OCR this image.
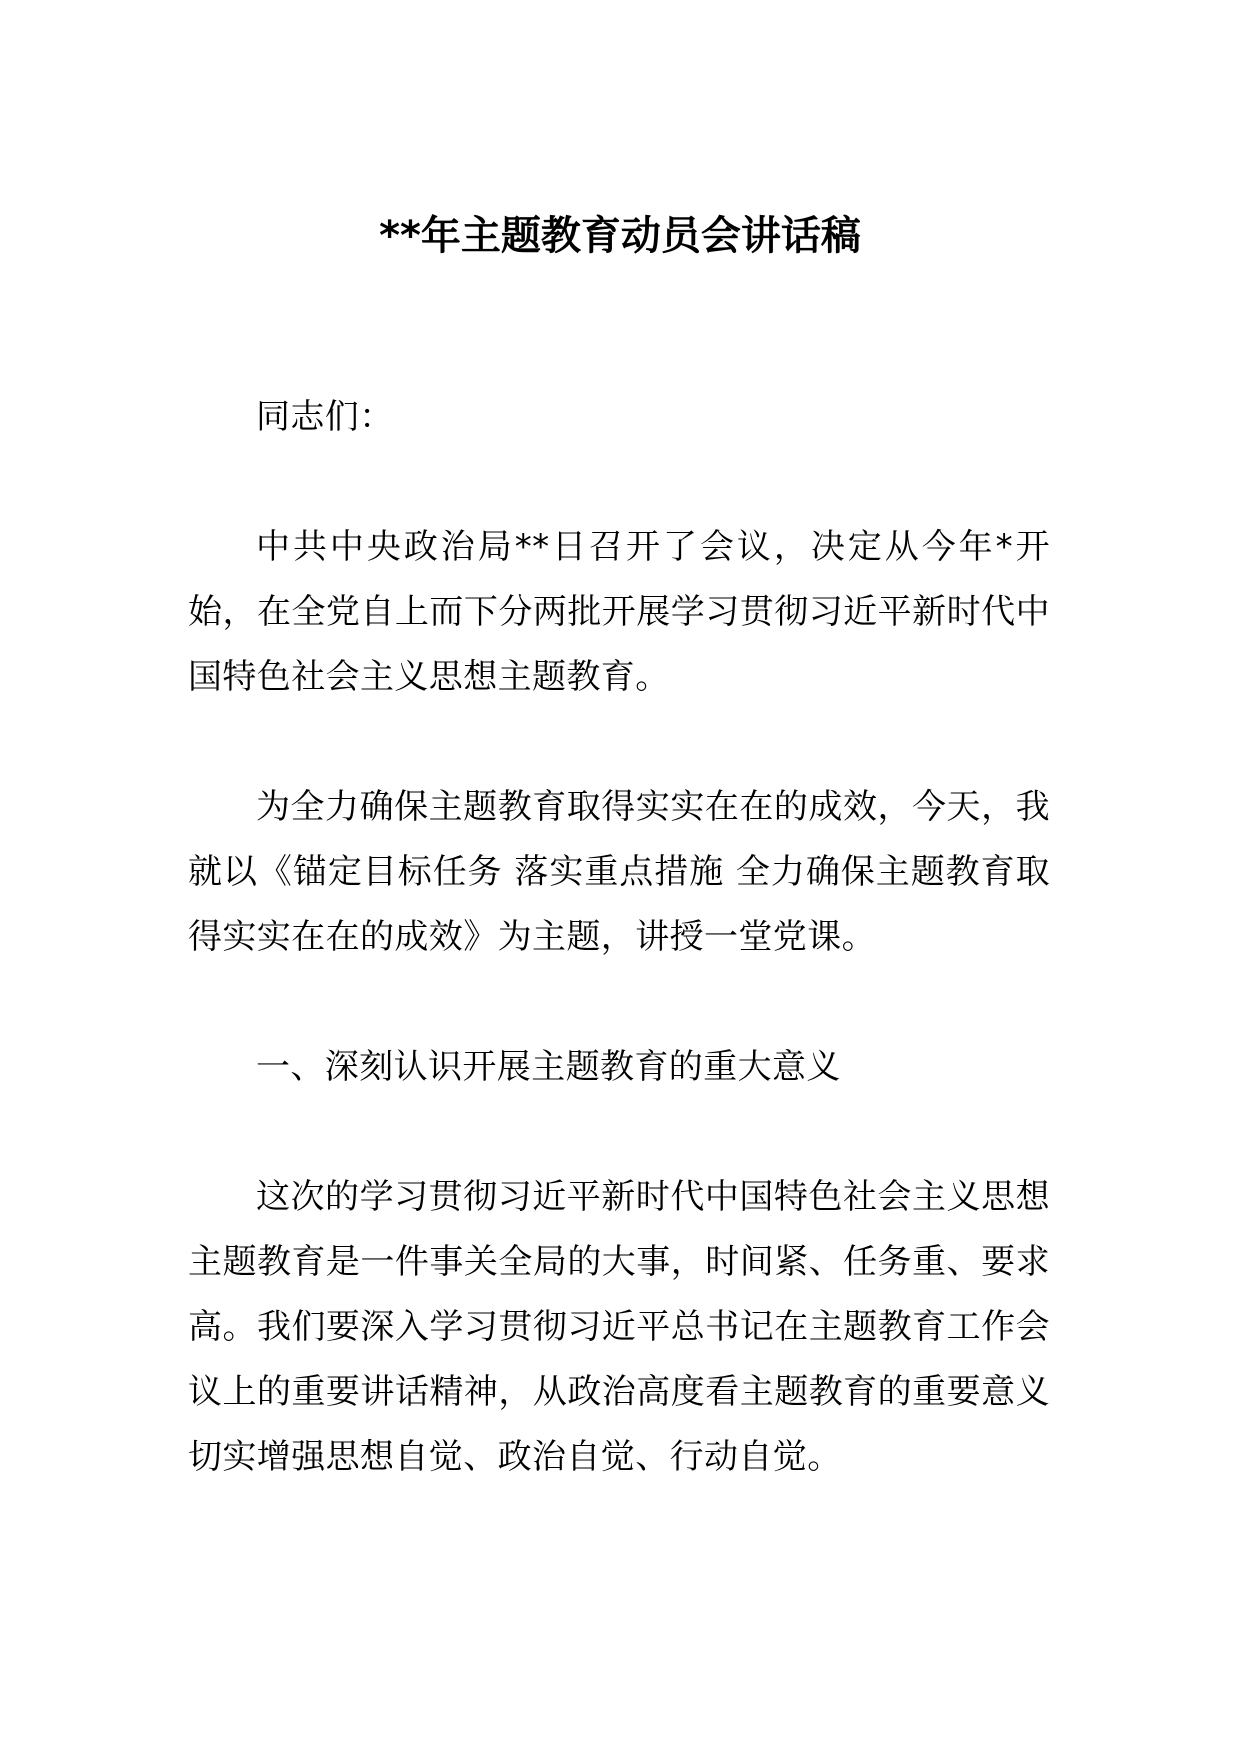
**年主题教育动员会讲话稿

同志们：

中共中央政治局**日召开了会议，决定从今年*开始，在全党自上而下分两批开展学习贯彻习近平新时代中国特色社会主义思想主题教育。

为全力确保主题教育取得实实在在的成效，今天，我就以《锚定目标任务 落实重点措施 全力确保主题教育取得实实在在的成效》为主题，讲授一堂党课。

一、深刻认识开展主题教育的重大意义

这次的学习贯彻习近平新时代中国特色社会主义思想主题教育是一件事关全局的大事，时间紧、任务重、要求高。我们要深入学习贯彻习近平总书记在主题教育工作会议上的重要讲话精神，从政治高度看主题教育的重要意义切实增强思想自觉、政治自觉、行动自觉。
